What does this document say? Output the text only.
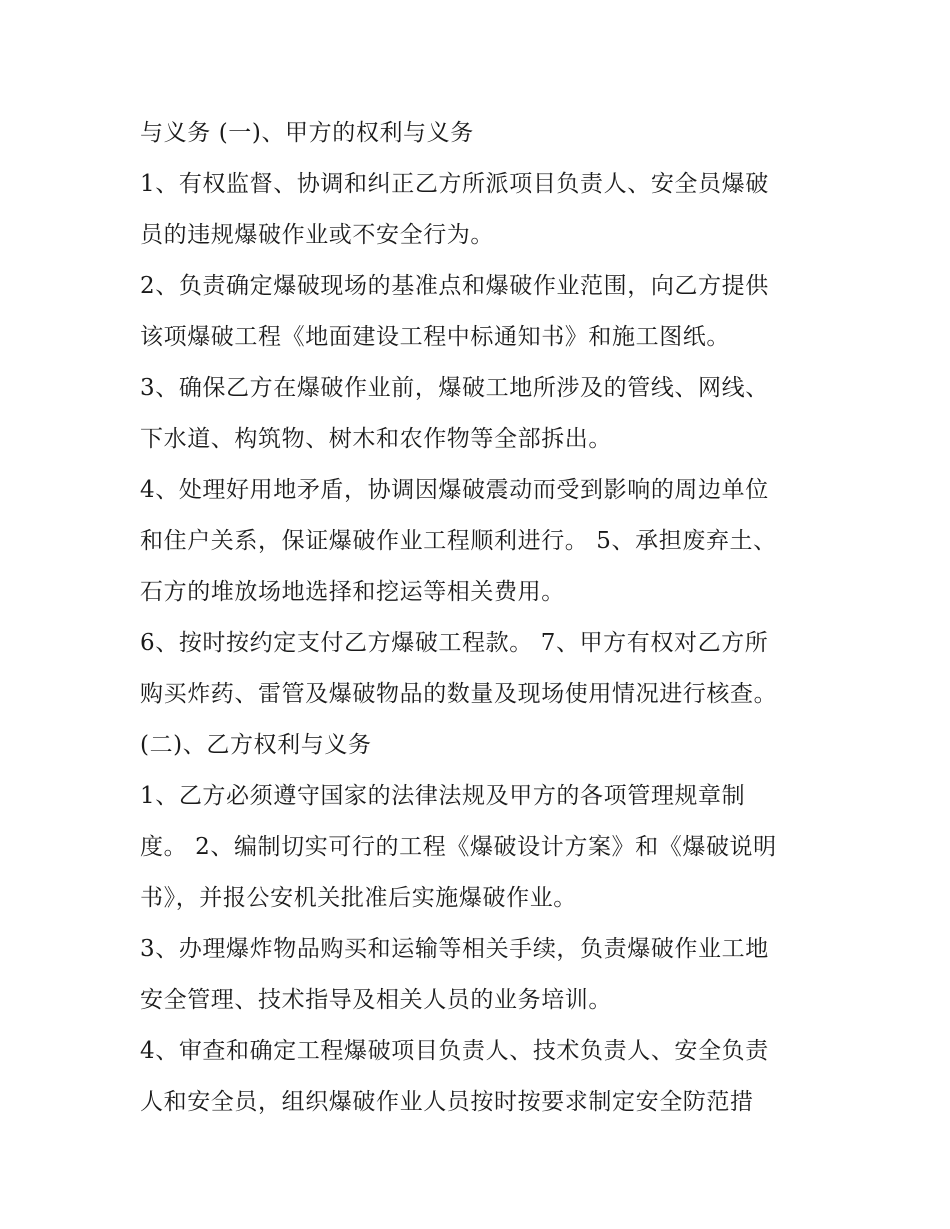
与义务 (一)、甲方的权利与义务
1、有权监督、协调和纠正乙方所派项目负责人、安全员爆破
员的违规爆破作业或不安全行为。
2、负责确定爆破现场的基准点和爆破作业范围，向乙方提供
该项爆破工程《地面建设工程中标通知书》和施工图纸。
3、确保乙方在爆破作业前，爆破工地所涉及的管线、网线、
下水道、构筑物、树木和农作物等全部拆出。
4、处理好用地矛盾，协调因爆破震动而受到影响的周边单位
和住户关系，保证爆破作业工程顺利进行。 5、承担废弃土、
石方的堆放场地选择和挖运等相关费用。
6、按时按约定支付乙方爆破工程款。 7、甲方有权对乙方所
购买炸药、雷管及爆破物品的数量及现场使用情况进行核查。
(二)、乙方权利与义务
1、乙方必须遵守国家的法律法规及甲方的各项管理规章制
度。 2、编制切实可行的工程《爆破设计方案》和《爆破说明
书》，并报公安机关批准后实施爆破作业。
3、办理爆炸物品购买和运输等相关手续，负责爆破作业工地
安全管理、技术指导及相关人员的业务培训。
4、审查和确定工程爆破项目负责人、技术负责人、安全负责
人和安全员，组织爆破作业人员按时按要求制定安全防范措
